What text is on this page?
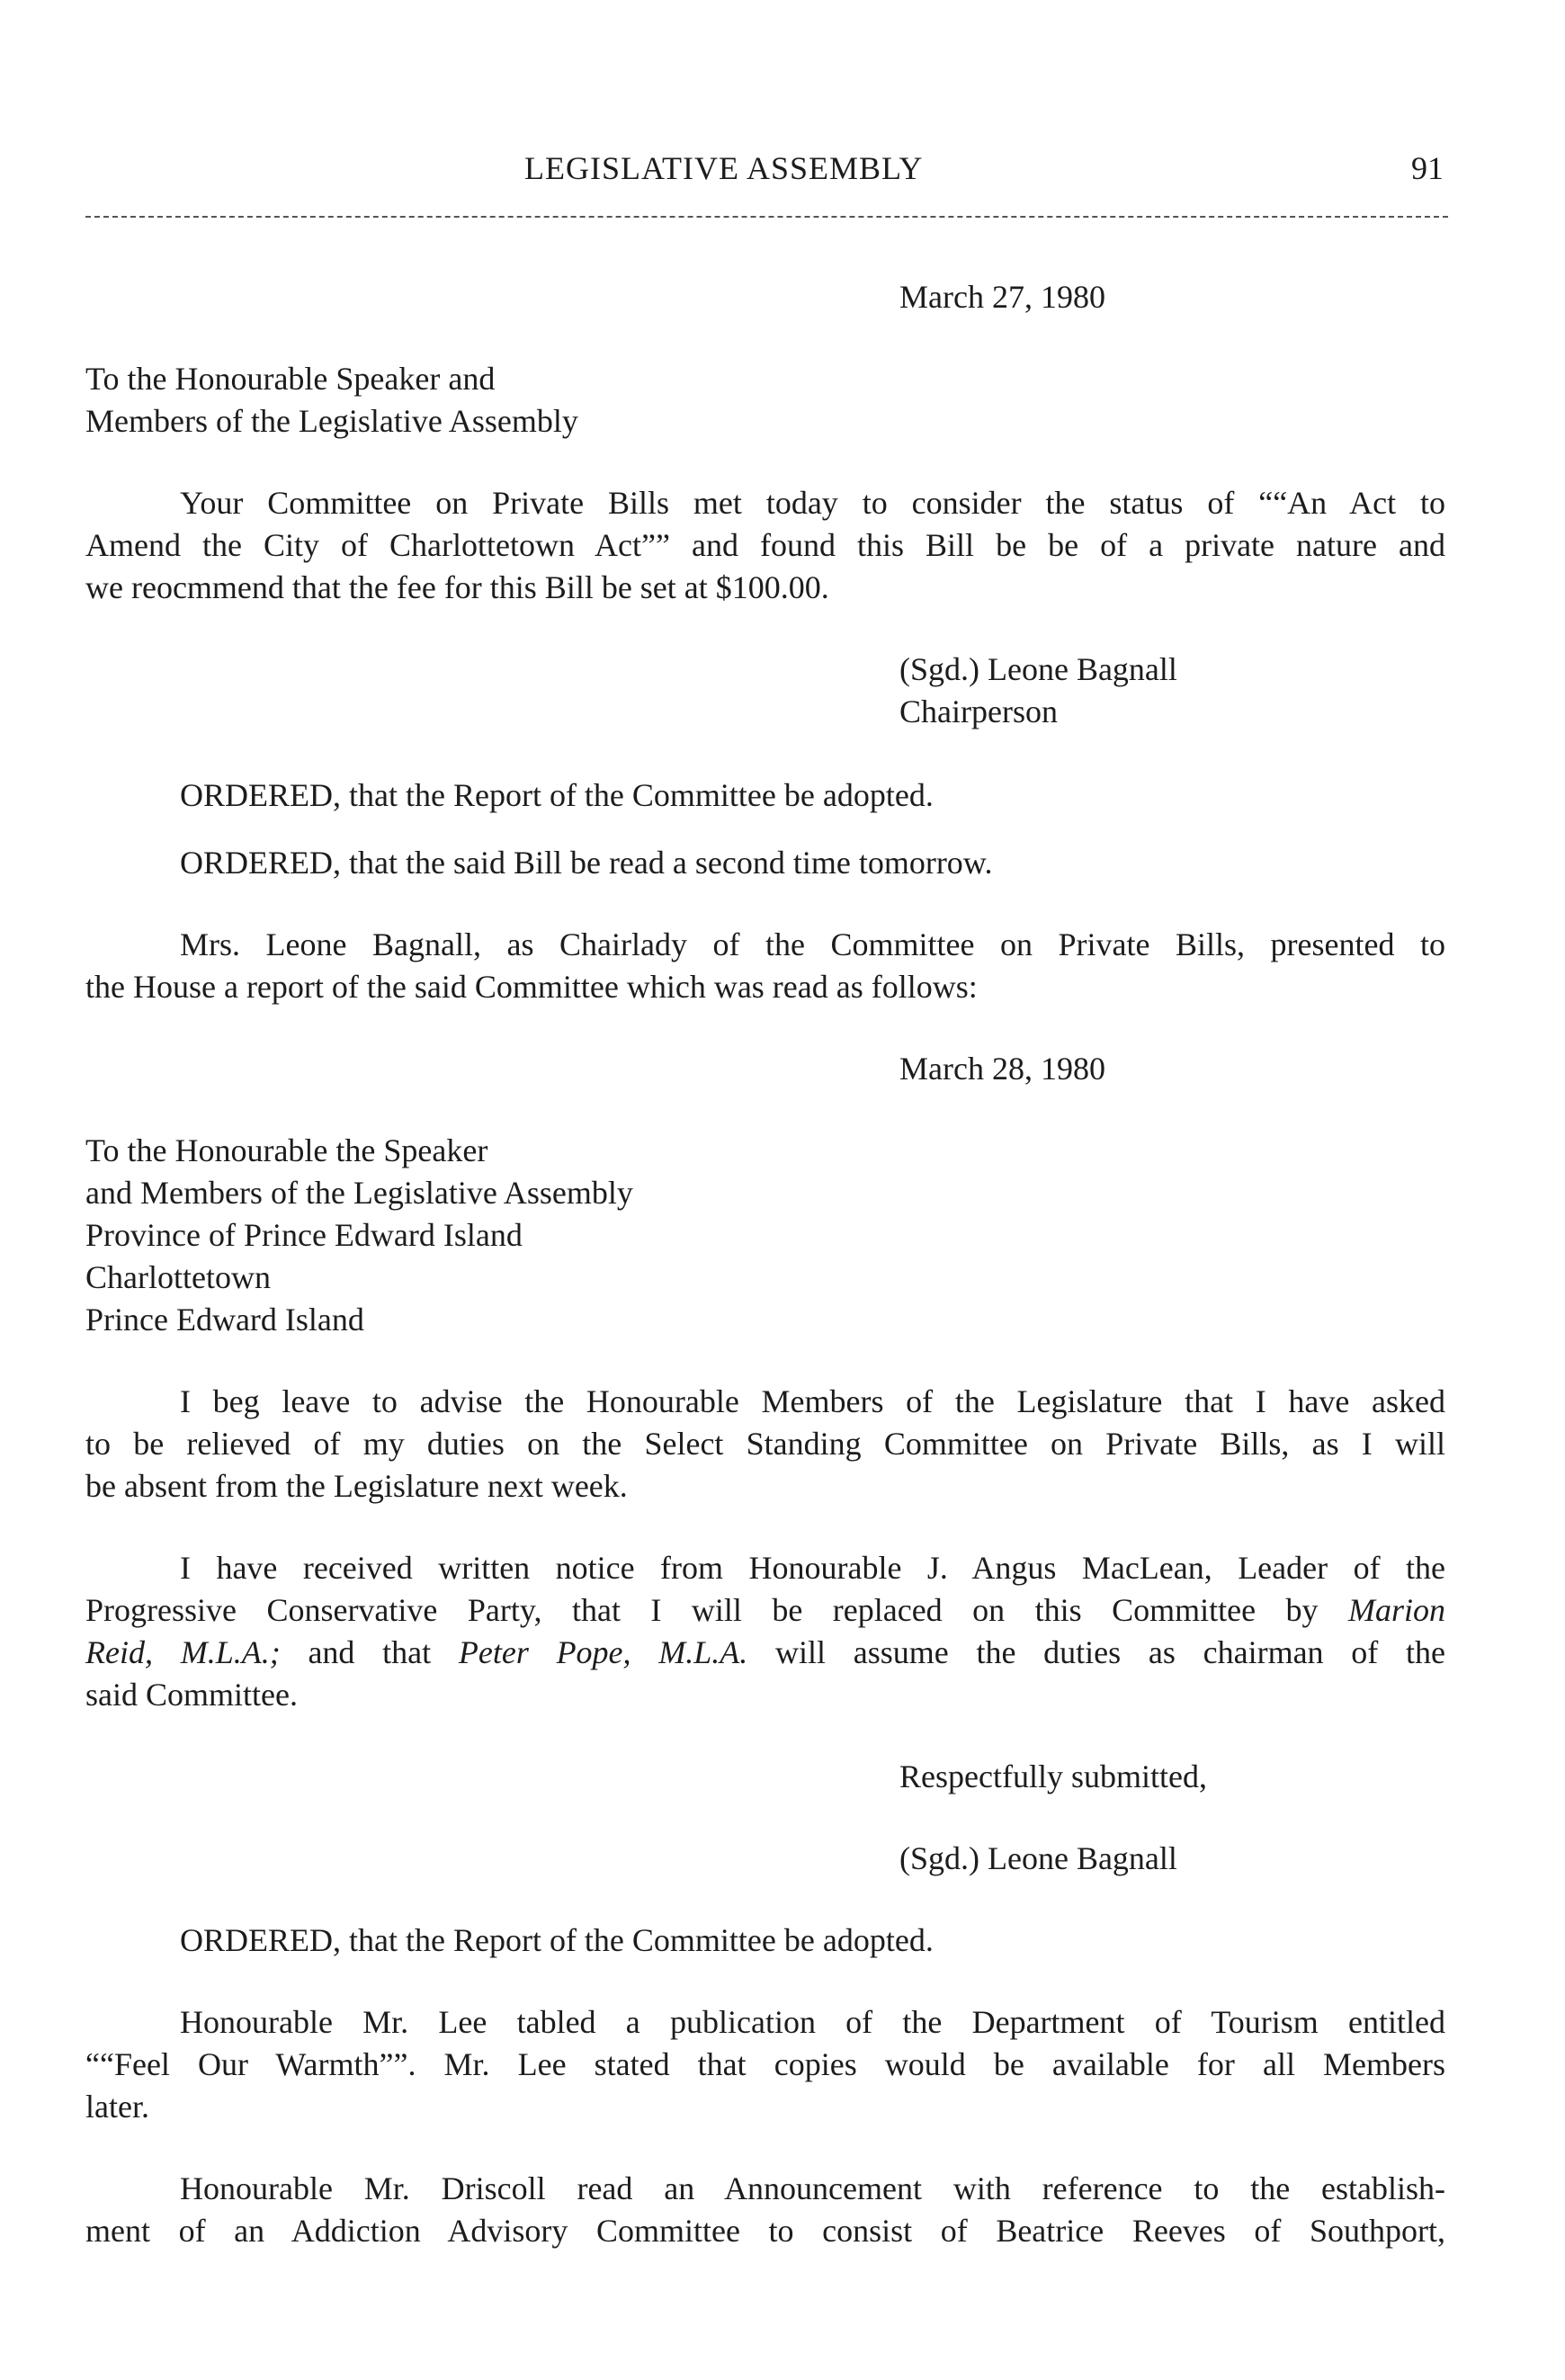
LEGISLATIVE ASSEMBLY	91
March 27, 1980
To the Honourable Speaker and
Members of the Legislative Assembly
Your Committee on Private Bills met today to consider the status of ““An Act to
Amend the City of Charlottetown Act”” and found this Bill be be of a private nature and
we reocmmend that the fee for this Bill be set at $100.00.
(Sgd.) Leone Bagnall
Chairperson
ORDERED, that the Report of the Committee be adopted.
ORDERED, that the said Bill be read a second time tomorrow.
Mrs. Leone Bagnall, as Chairlady of the Committee on Private Bills, presented to
the House a report of the said Committee which was read as follows:
March 28, 1980
To the Honourable the Speaker
and Members of the Legislative Assembly
Province of Prince Edward Island
Charlottetown
Prince Edward Island
I beg leave to advise the Honourable Members of the Legislature that I have asked
to be relieved of my duties on the Select Standing Committee on Private Bills, as I will
be absent from the Legislature next week.
I have received written notice from Honourable J. Angus MacLean, Leader of the
Progressive Conservative Party, that I will be replaced on this Committee by Marion
Reid, M.L.A.; and that Peter Pope, M.L.A. will assume the duties as chairman of the
said Committee.
Respectfully submitted,
(Sgd.) Leone Bagnall
ORDERED, that the Report of the Committee be adopted.
Honourable Mr. Lee tabled a publication of the Department of Tourism entitled
““Feel Our Warmth””. Mr. Lee stated that copies would be available for all Members
later.
Honourable Mr. Driscoll read an Announcement with reference to the establish-
ment of an Addiction Advisory Committee to consist of Beatrice Reeves of Southport,
